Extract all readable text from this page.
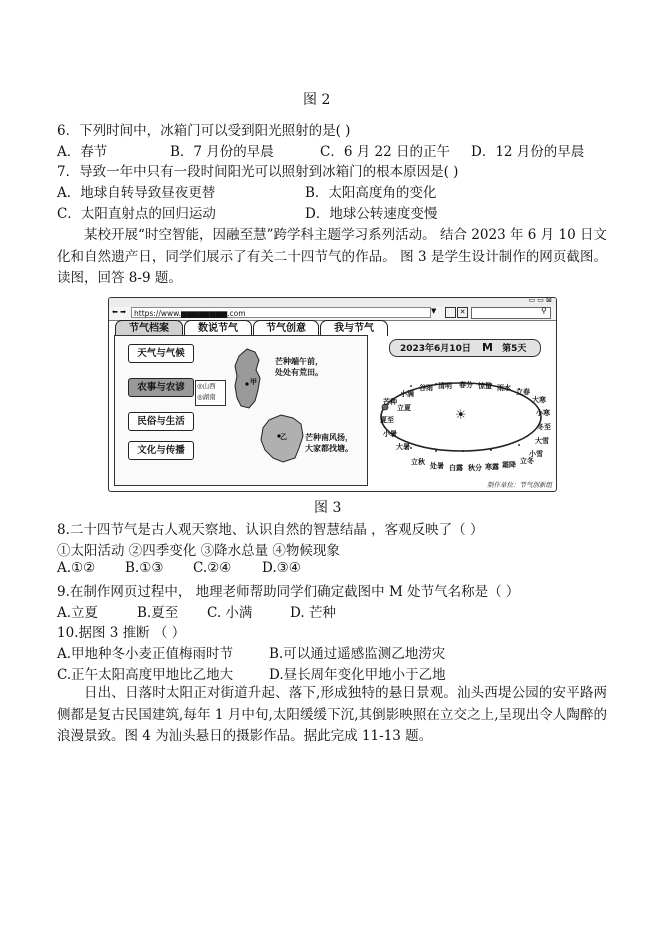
图 2
6．下列时间中，冰箱门可以受到阳光照射的是( )
A．春节	B．7 月份的早晨	C．6 月 22 日的正午 D．12 月份的早晨
7．导致一年中只有一段时间阳光可以照射到冰箱门的根本原因是( )
A．地球自转导致昼夜更替	B．太阳高度角的变化
C．太阳直射点的回归运动	D．地球公转速度变慢
某校开展“时空智能，因融至慧”跨学科主题学习系列活动。 结合 2023 年 6 月 10 日文化和自然遗产日，同学们展示了有关二十四节气的作品。 图 3 是学生设计制作的网页截图。读图，回答 8-9 题。
▭ ▭ ⊠
⬅ ➡	https://www.▆▆▆▆▆▆▆▆.com	▼	✕	⚲
节气档案	数说节气	节气创意	我与节气
天气与气候
农事与农谚
民俗与生活
文化与传播
◎山西
◎湖南
甲
乙
芒种端午前，
处处有荒田。
芒种南风扬，
大家都找塘。
2023年6月10日 M 第5天
☀
小满
谷雨 清明 春分 惊蛰 雨水 立春
芒种
夏至
小暑
大暑
立夏
大寒
小寒
冬至
大雪
小雪
立秋 处暑 白露 秋分 寒露 霜降 立冬
制作单位：节气创新组
图 3
8.二十四节气是古人观天察地、认识自然的智慧结晶 ，客观反映了（ ）
①太阳活动 ②四季变化 ③降水总量 ④物候现象
A.①② B.①③ C.②④ D.③④
9.在制作网页过程中， 地理老师帮助同学们确定截图中 M 处节气名称是（ ）
A.立夏	B.夏至 C. 小满	D. 芒种
10.据图 3 推断 （ ）
A.甲地种冬小麦正值梅雨时节	B.可以通过遥感监测乙地涝灾
C.正午太阳高度甲地比乙地大	D.昼长周年变化甲地小于乙地
日出、日落时太阳正对街道升起、落下,形成独特的悬日景观。汕头西堤公园的安平路两侧都是复古民国建筑,每年 1 月中旬,太阳缓缓下沉,其倒影映照在立交之上,呈现出令人陶醉的浪漫景致。图 4 为汕头悬日的摄影作品。据此完成 11-13 题。
